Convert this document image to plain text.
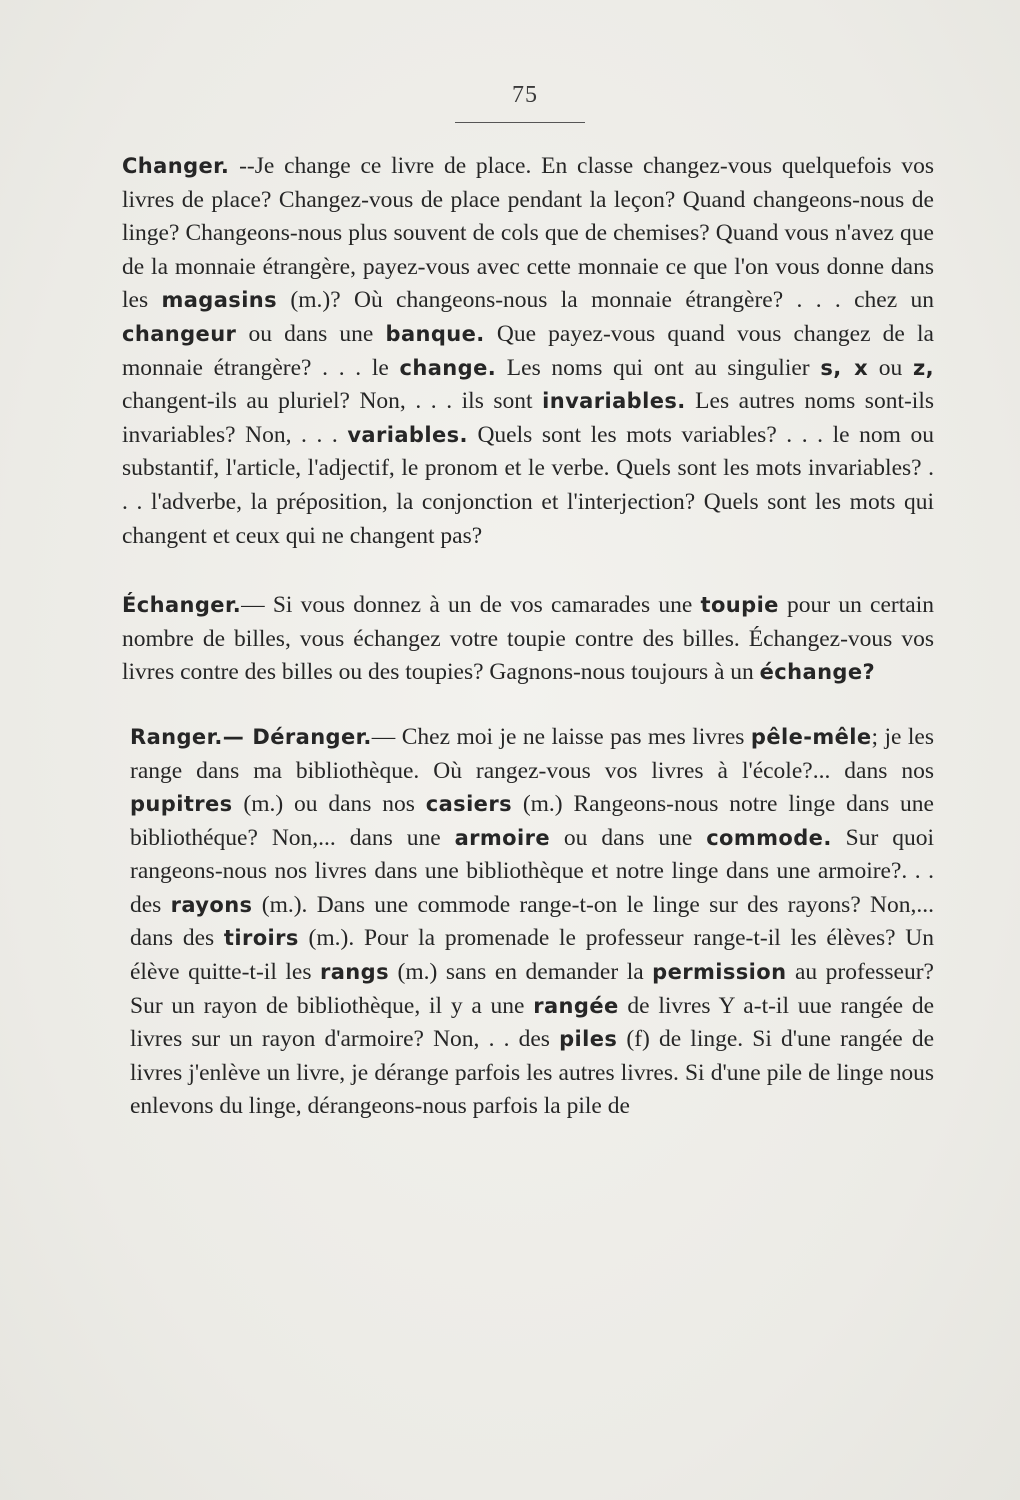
75

Changer. --Je change ce livre de place. En classe changez-vous quelquefois vos livres de place? Changez-vous de place pendant la leçon? Quand changeons-nous de linge? Changeons-nous plus souvent de cols que de chemises? Quand vous n'avez que de la monnaie étrangère, payez-vous avec cette monnaie ce que l'on vous donne dans les magasins (m.)? Où changeons-nous la monnaie étrangère? . . . chez un changeur ou dans une banque. Que payez-vous quand vous changez de la monnaie étrangère? . . . le change. Les noms qui ont au singulier s, x ou z, changent-ils au pluriel? Non, . . . ils sont invariables. Les autres noms sont-ils invariables? Non, . . . variables. Quels sont les mots variables? . . . le nom ou substantif, l'article, l'adjectif, le pronom et le verbe. Quels sont les mots invariables? . . . l'adverbe, la préposition, la conjonction et l'interjection? Quels sont les mots qui changent et ceux qui ne changent pas?

Échanger.— Si vous donnez à un de vos camarades une toupie pour un certain nombre de billes, vous échangez votre toupie contre des billes. Échangez-vous vos livres contre des billes ou des toupies? Gagnons-nous toujours à un échange?

Ranger.— Déranger.— Chez moi je ne laisse pas mes livres pêle-mêle; je les range dans ma bibliothèque. Où rangez-vous vos livres à l'école?... dans nos pupitres (m.) ou dans nos casiers (m.) Rangeons-nous notre linge dans une bibliothéque? Non,... dans une armoire ou dans une commode. Sur quoi rangeons-nous nos livres dans une bibliothèque et notre linge dans une armoire?. . . des rayons (m.). Dans une commode range-t-on le linge sur des rayons? Non,... dans des tiroirs (m.). Pour la promenade le professeur range-t-il les élèves? Un élève quitte-t-il les rangs (m.) sans en demander la permission au professeur? Sur un rayon de bibliothèque, il y a une rangée de livres Y a-t-il uue rangée de livres sur un rayon d'armoire? Non, . . des piles (f) de linge. Si d'une rangée de livres j'enlève un livre, je dérange parfois les autres livres. Si d'une pile de linge nous enlevons du linge, dérangeons-nous parfois la pile de
